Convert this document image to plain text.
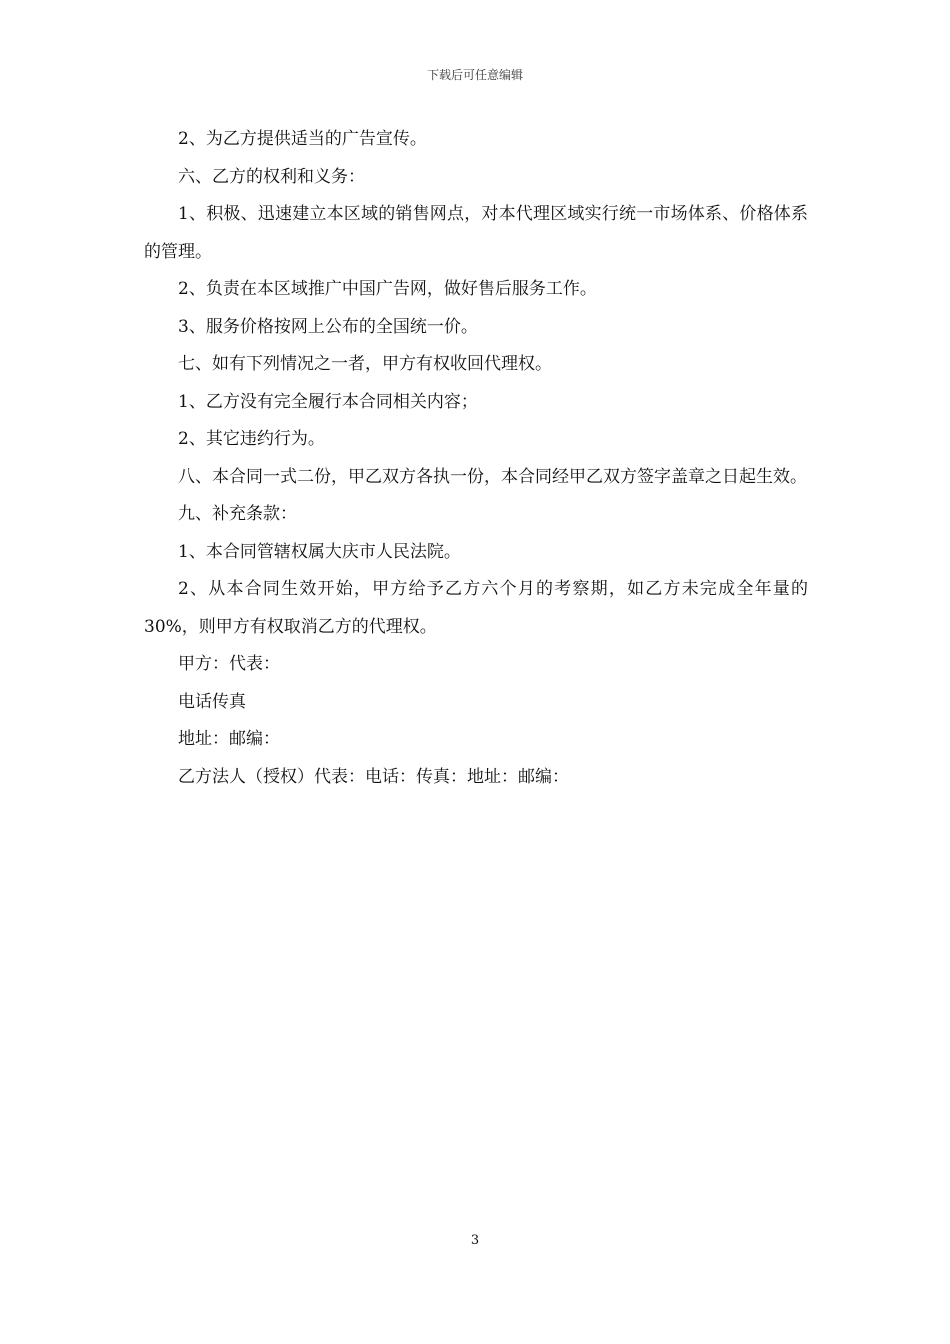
下载后可任意编辑

2、为乙方提供适当的广告宣传。

六、乙方的权利和义务：

1、积极、迅速建立本区域的销售网点，对本代理区域实行统一市场体系、价格体系的管理。

2、负责在本区域推广中国广告网，做好售后服务工作。

3、服务价格按网上公布的全国统一价。

七、如有下列情况之一者，甲方有权收回代理权。

1、乙方没有完全履行本合同相关内容；

2、其它违约行为。

八、本合同一式二份，甲乙双方各执一份，本合同经甲乙双方签字盖章之日起生效。

九、补充条款：

1、本合同管辖权属大庆市人民法院。

2、从本合同生效开始，甲方给予乙方六个月的考察期，如乙方未完成全年量的30%，则甲方有权取消乙方的代理权。

甲方：代表：

电话传真

地址：邮编：

乙方法人（授权）代表：电话：传真：地址：邮编：

3
